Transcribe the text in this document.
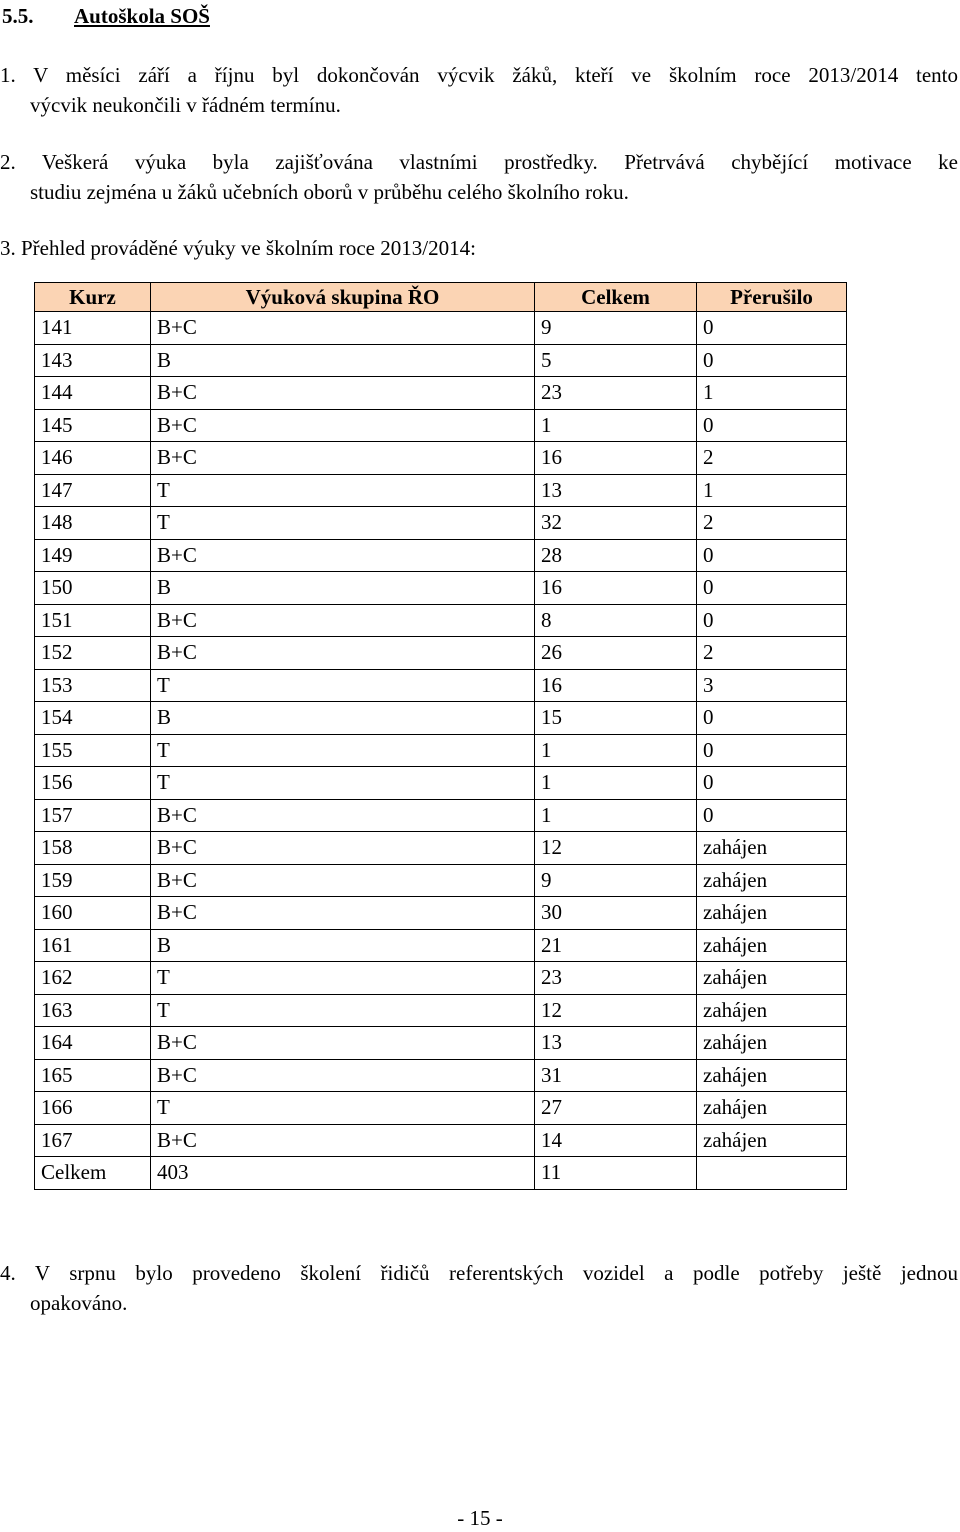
5.5. Autoškola SOŠ
1. V měsíci září a říjnu byl dokončován výcvik žáků, kteří ve školním roce 2013/2014 tento
výcvik neukončili v řádném termínu.
2. Veškerá výuka byla zajišťována vlastními prostředky. Přetrvává chybějící motivace ke
studiu zejména u žáků učebních oborů v průběhu celého školního roku.
3. Přehled prováděné výuky ve školním roce 2013/2014:
Kurz	Výuková skupina ŘO	Celkem	Přerušilo
141	B+C	9	0
143	B	5	0
144	B+C	23	1
145	B+C	1	0
146	B+C	16	2
147	T	13	1
148	T	32	2
149	B+C	28	0
150	B	16	0
151	B+C	8	0
152	B+C	26	2
153	T	16	3
154	B	15	0
155	T	1	0
156	T	1	0
157	B+C	1	0
158	B+C	12	zahájen
159	B+C	9	zahájen
160	B+C	30	zahájen
161	B	21	zahájen
162	T	23	zahájen
163	T	12	zahájen
164	B+C	13	zahájen
165	B+C	31	zahájen
166	T	27	zahájen
167	B+C	14	zahájen
Celkem	403	11	
4. V srpnu bylo provedeno školení řidičů referentských vozidel a podle potřeby ještě jednou
opakováno.
- 15 -
